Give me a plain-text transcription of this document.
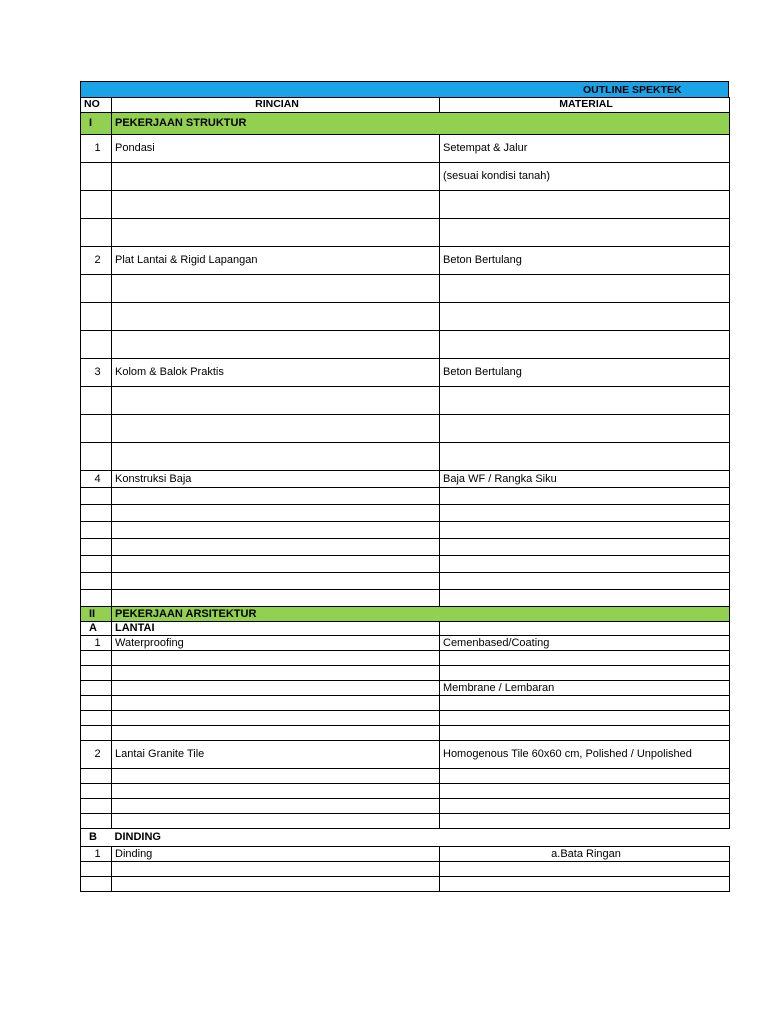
OUTLINE SPEKTEK
NO	RINCIAN	MATERIAL
I	PEKERJAAN STRUKTUR	
1	Pondasi	Setempat & Jalur
		(sesuai kondisi tanah)

2	Plat Lantai & Rigid Lapangan	Beton Bertulang

3	Kolom & Balok Praktis	Beton Bertulang

4	Konstruksi Baja	Baja WF / Rangka Siku

II	PEKERJAAN ARSITEKTUR	
A	LANTAI	
1	Waterproofing	Cemenbased/Coating

		Membrane / Lembaran

2	Lantai Granite Tile	Homogenous Tile 60x60 cm, Polished / Unpolished

B	DINDING	
1	Dinding	a.Bata Ringan
